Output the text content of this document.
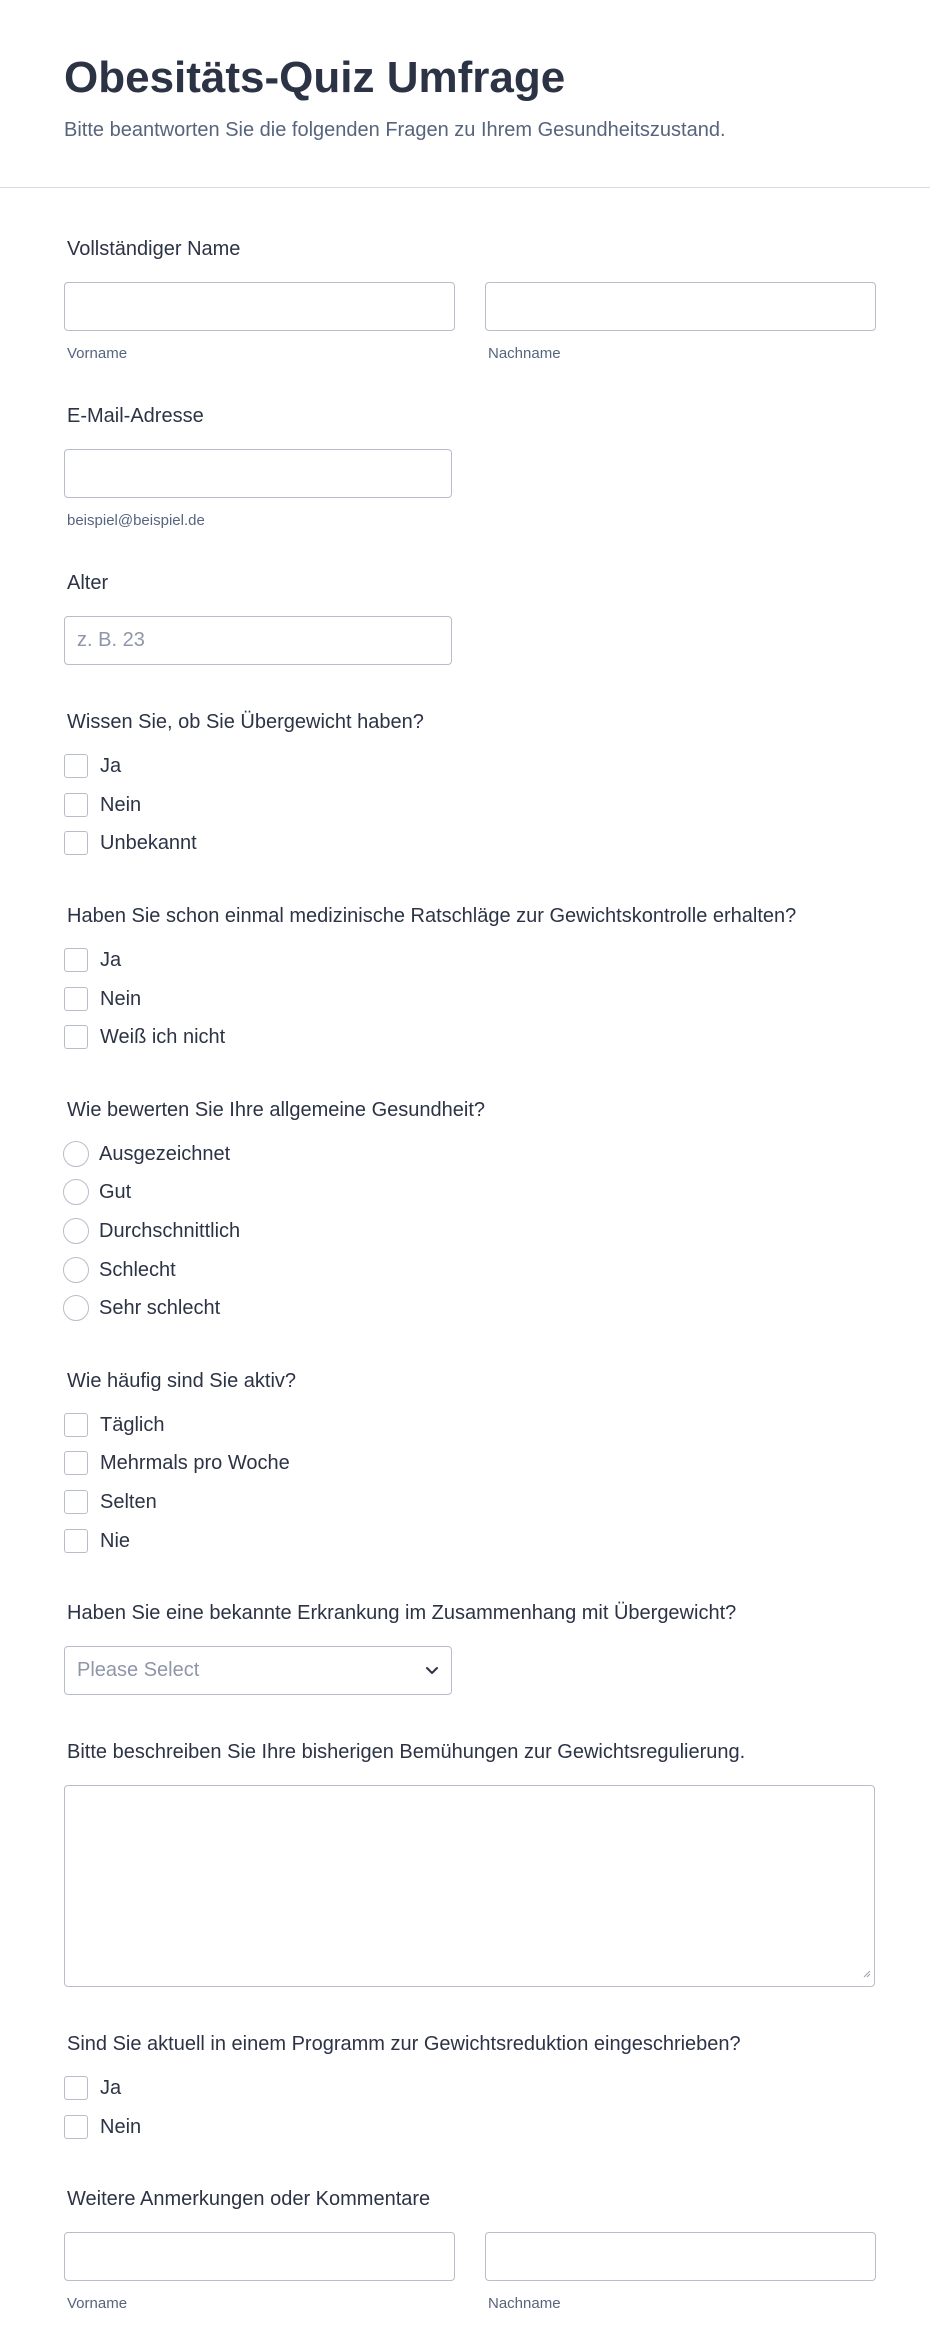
Obesitäts-Quiz Umfrage
Bitte beantworten Sie die folgenden Fragen zu Ihrem Gesundheitszustand.
Vollständiger Name
Vorname	Nachname
E-Mail-Adresse
beispiel@beispiel.de
Alter
z. B. 23
Wissen Sie, ob Sie Übergewicht haben?
Ja
Nein
Unbekannt
Haben Sie schon einmal medizinische Ratschläge zur Gewichtskontrolle erhalten?
Ja
Nein
Weiß ich nicht
Wie bewerten Sie Ihre allgemeine Gesundheit?
Ausgezeichnet
Gut
Durchschnittlich
Schlecht
Sehr schlecht
Wie häufig sind Sie aktiv?
Täglich
Mehrmals pro Woche
Selten
Nie
Haben Sie eine bekannte Erkrankung im Zusammenhang mit Übergewicht?
Please Select
Bitte beschreiben Sie Ihre bisherigen Bemühungen zur Gewichtsregulierung.
Sind Sie aktuell in einem Programm zur Gewichtsreduktion eingeschrieben?
Ja
Nein
Weitere Anmerkungen oder Kommentare
Vorname	Nachname
